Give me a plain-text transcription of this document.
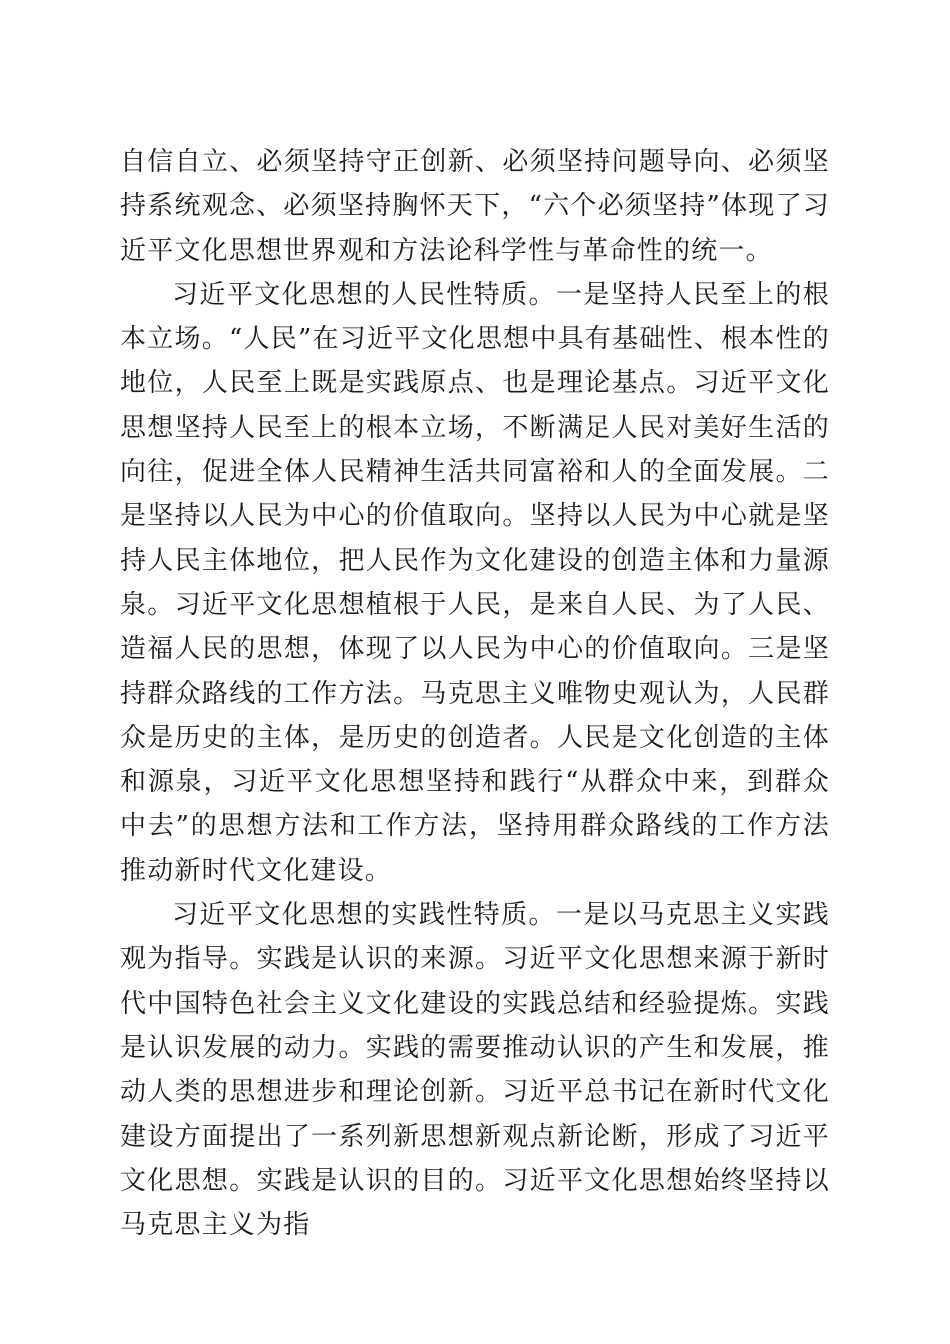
自信自立、必须坚持守正创新、必须坚持问题导向、必须坚持系统观念、必须坚持胸怀天下，“六个必须坚持”体现了习近平文化思想世界观和方法论科学性与革命性的统一。

习近平文化思想的人民性特质。一是坚持人民至上的根本立场。“人民”在习近平文化思想中具有基础性、根本性的地位，人民至上既是实践原点、也是理论基点。习近平文化思想坚持人民至上的根本立场，不断满足人民对美好生活的向往，促进全体人民精神生活共同富裕和人的全面发展。二是坚持以人民为中心的价值取向。坚持以人民为中心就是坚持人民主体地位，把人民作为文化建设的创造主体和力量源泉。习近平文化思想植根于人民，是来自人民、为了人民、造福人民的思想，体现了以人民为中心的价值取向。三是坚持群众路线的工作方法。马克思主义唯物史观认为，人民群众是历史的主体，是历史的创造者。人民是文化创造的主体和源泉，习近平文化思想坚持和践行“从群众中来，到群众中去”的思想方法和工作方法，坚持用群众路线的工作方法推动新时代文化建设。

习近平文化思想的实践性特质。一是以马克思主义实践观为指导。实践是认识的来源。习近平文化思想来源于新时代中国特色社会主义文化建设的实践总结和经验提炼。实践是认识发展的动力。实践的需要推动认识的产生和发展，推动人类的思想进步和理论创新。习近平总书记在新时代文化建设方面提出了一系列新思想新观点新论断，形成了习近平文化思想。实践是认识的目的。习近平文化思想始终坚持以马克思主义为指
